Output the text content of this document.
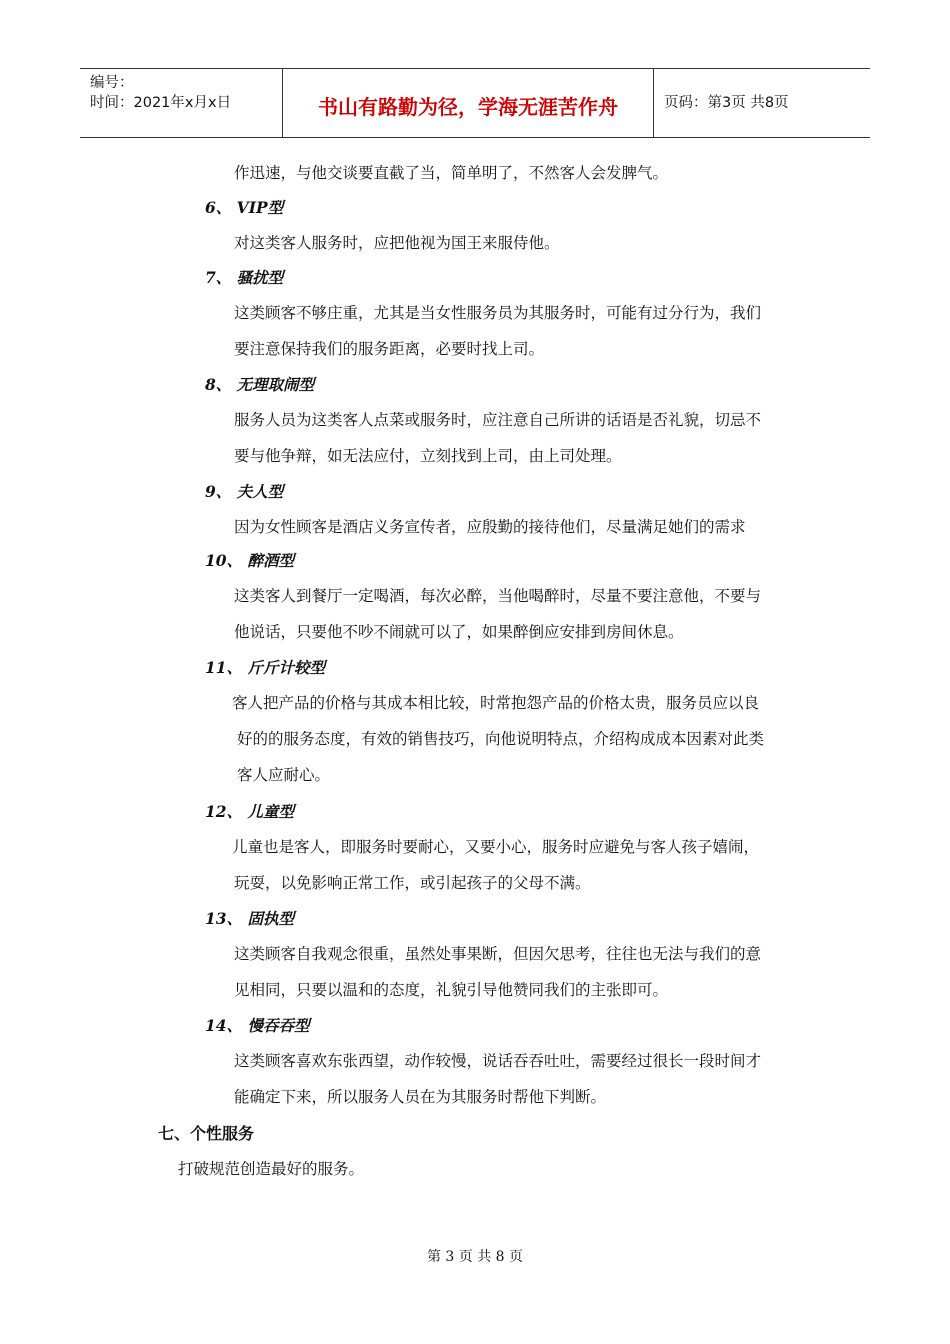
编号：
时间：2021年x月x日	书山有路勤为径，学海无涯苦作舟	页码：第3页 共8页
作迅速，与他交谈要直截了当，简单明了，不然客人会发脾气。
6、 VIP型
对这类客人服务时，应把他视为国王来服侍他。
7、 骚扰型
这类顾客不够庄重，尤其是当女性服务员为其服务时，可能有过分行为，我们
要注意保持我们的服务距离，必要时找上司。
8、 无理取闹型
服务人员为这类客人点菜或服务时，应注意自己所讲的话语是否礼貌，切忌不
要与他争辩，如无法应付，立刻找到上司，由上司处理。
9、 夫人型
因为女性顾客是酒店义务宣传者，应殷勤的接待他们，尽量满足她们的需求
10、 醉酒型
这类客人到餐厅一定喝酒，每次必醉，当他喝醉时，尽量不要注意他，不要与
他说话，只要他不吵不闹就可以了，如果醉倒应安排到房间休息。
11、 斤斤计较型
客人把产品的价格与其成本相比较，时常抱怨产品的价格太贵，服务员应以良
好的的服务态度，有效的销售技巧，向他说明特点，介绍构成成本因素对此类
客人应耐心。
12、 儿童型
儿童也是客人，即服务时要耐心，又要小心，服务时应避免与客人孩子嬉闹，
玩耍，以免影响正常工作，或引起孩子的父母不满。
13、 固执型
这类顾客自我观念很重，虽然处事果断，但因欠思考，往往也无法与我们的意
见相同，只要以温和的态度，礼貌引导他赞同我们的主张即可。
14、 慢吞吞型
这类顾客喜欢东张西望，动作较慢，说话吞吞吐吐，需要经过很长一段时间才
能确定下来，所以服务人员在为其服务时帮他下判断。
七、个性服务
打破规范创造最好的服务。
第 3 页 共 8 页
